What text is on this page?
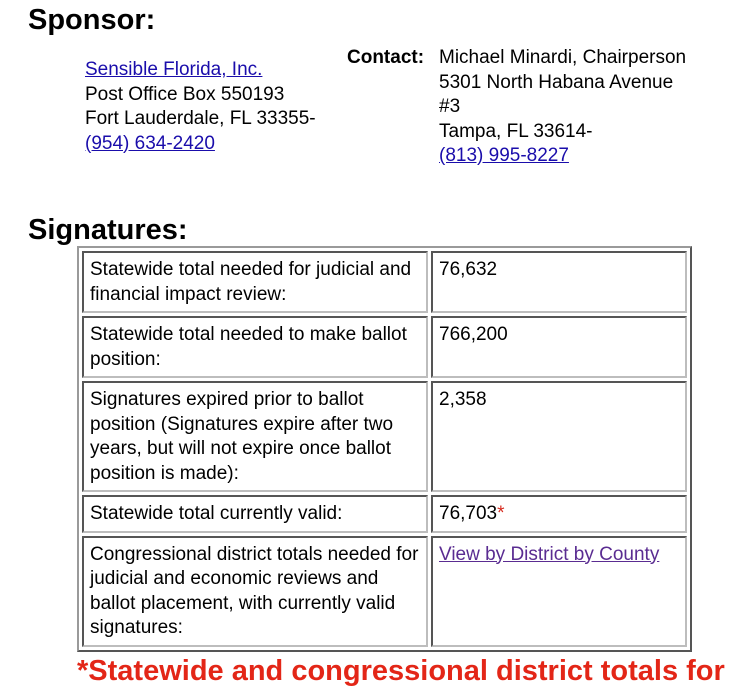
Sponsor:
Sensible Florida, Inc.
Post Office Box 550193
Fort Lauderdale, FL 33355-
(954) 634-2420
Contact: Michael Minardi, Chairperson
5301 North Habana Avenue
#3
Tampa, FL 33614-
(813) 995-8227
Signatures:
Statewide total needed for judicial and financial impact review:	76,632
Statewide total needed to make ballot position:	766,200
Signatures expired prior to ballot position (Signatures expire after two years, but will not expire once ballot position is made):	2,358
Statewide total currently valid:	76,703*
Congressional district totals needed for judicial and economic reviews and ballot placement, with currently valid signatures:	View by District by County
*Statewide and congressional district totals for
